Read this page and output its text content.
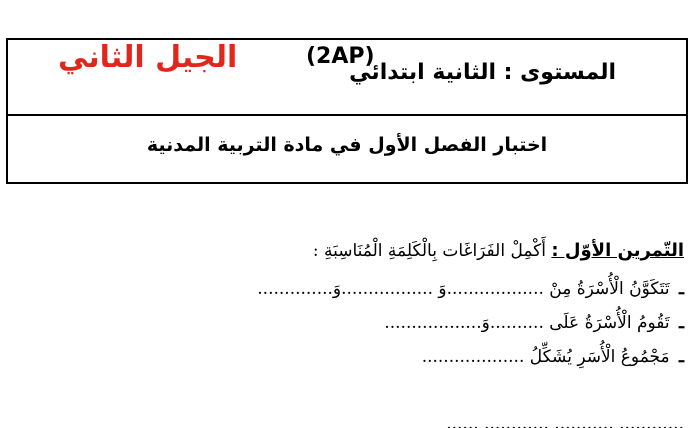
المستوى : الثانية ابتدائي
(2AP)
الجيل الثاني
اختبار الفصل الأول في مادة التربية المدنية
التّمرين الأوّل : أَكْمِلْ الفَرَاغَات بِالْكَلِمَةِ الْمُنَاسِبَةِ :
ـ تَتَكَوَّنُ الْأُسْرَةُ مِنْ ..................وَ .................وَ..............
ـ تَقُومُ الْأُسْرَةُ عَلَى ..........وَ..................
ـ مَجْمُوعُ الْأُسَرِ يُشَكِّلُ ...................
............ ........... ............ ......
